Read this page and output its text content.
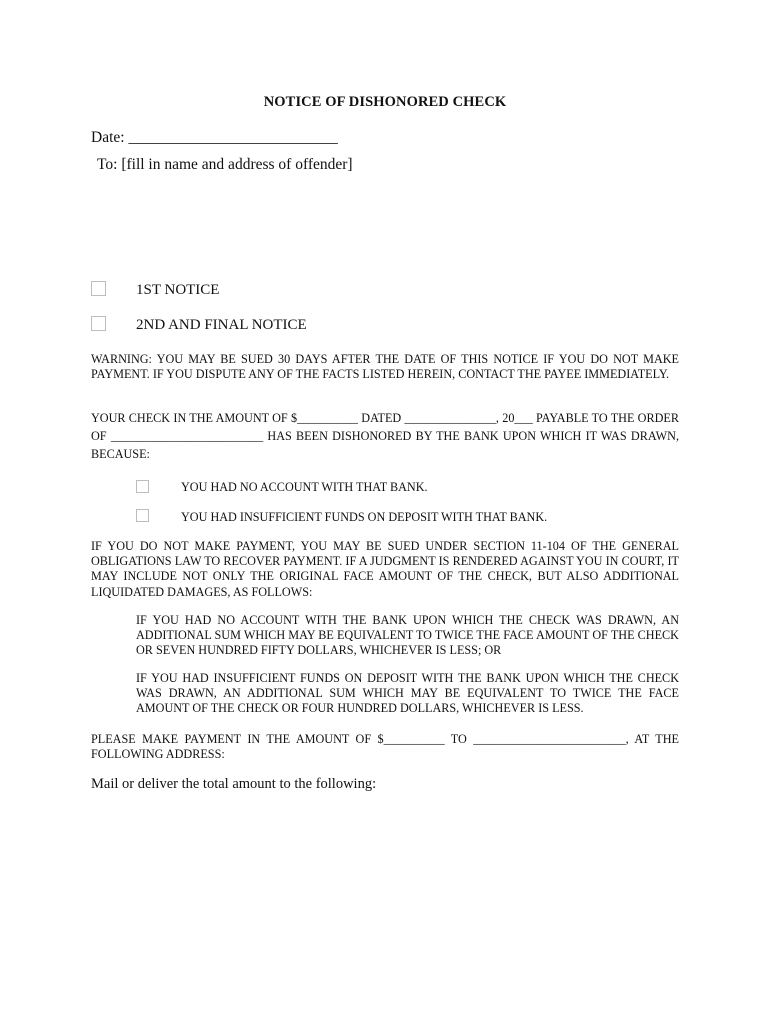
NOTICE OF DISHONORED CHECK

Date: ___________________________

To: [fill in name and address of offender]

1ST NOTICE
2ND AND FINAL NOTICE

WARNING: YOU MAY BE SUED 30 DAYS AFTER THE DATE OF THIS NOTICE IF YOU DO NOT MAKE PAYMENT. IF YOU DISPUTE ANY OF THE FACTS LISTED HEREIN, CONTACT THE PAYEE IMMEDIATELY.

YOUR CHECK IN THE AMOUNT OF $__________ DATED _______________, 20___ PAYABLE TO THE ORDER OF _________________________ HAS BEEN DISHONORED BY THE BANK UPON WHICH IT WAS DRAWN, BECAUSE:

YOU HAD NO ACCOUNT WITH THAT BANK.
YOU HAD INSUFFICIENT FUNDS ON DEPOSIT WITH THAT BANK.

IF YOU DO NOT MAKE PAYMENT, YOU MAY BE SUED UNDER SECTION 11-104 OF THE GENERAL OBLIGATIONS LAW TO RECOVER PAYMENT. IF A JUDGMENT IS RENDERED AGAINST YOU IN COURT, IT MAY INCLUDE NOT ONLY THE ORIGINAL FACE AMOUNT OF THE CHECK, BUT ALSO ADDITIONAL LIQUIDATED DAMAGES, AS FOLLOWS:

IF YOU HAD NO ACCOUNT WITH THE BANK UPON WHICH THE CHECK WAS DRAWN, AN ADDITIONAL SUM WHICH MAY BE EQUIVALENT TO TWICE THE FACE AMOUNT OF THE CHECK OR SEVEN HUNDRED FIFTY DOLLARS, WHICHEVER IS LESS; OR

IF YOU HAD INSUFFICIENT FUNDS ON DEPOSIT WITH THE BANK UPON WHICH THE CHECK WAS DRAWN, AN ADDITIONAL SUM WHICH MAY BE EQUIVALENT TO TWICE THE FACE AMOUNT OF THE CHECK OR FOUR HUNDRED DOLLARS, WHICHEVER IS LESS.

PLEASE MAKE PAYMENT IN THE AMOUNT OF $__________ TO _________________________, AT THE FOLLOWING ADDRESS:

Mail or deliver the total amount to the following:
